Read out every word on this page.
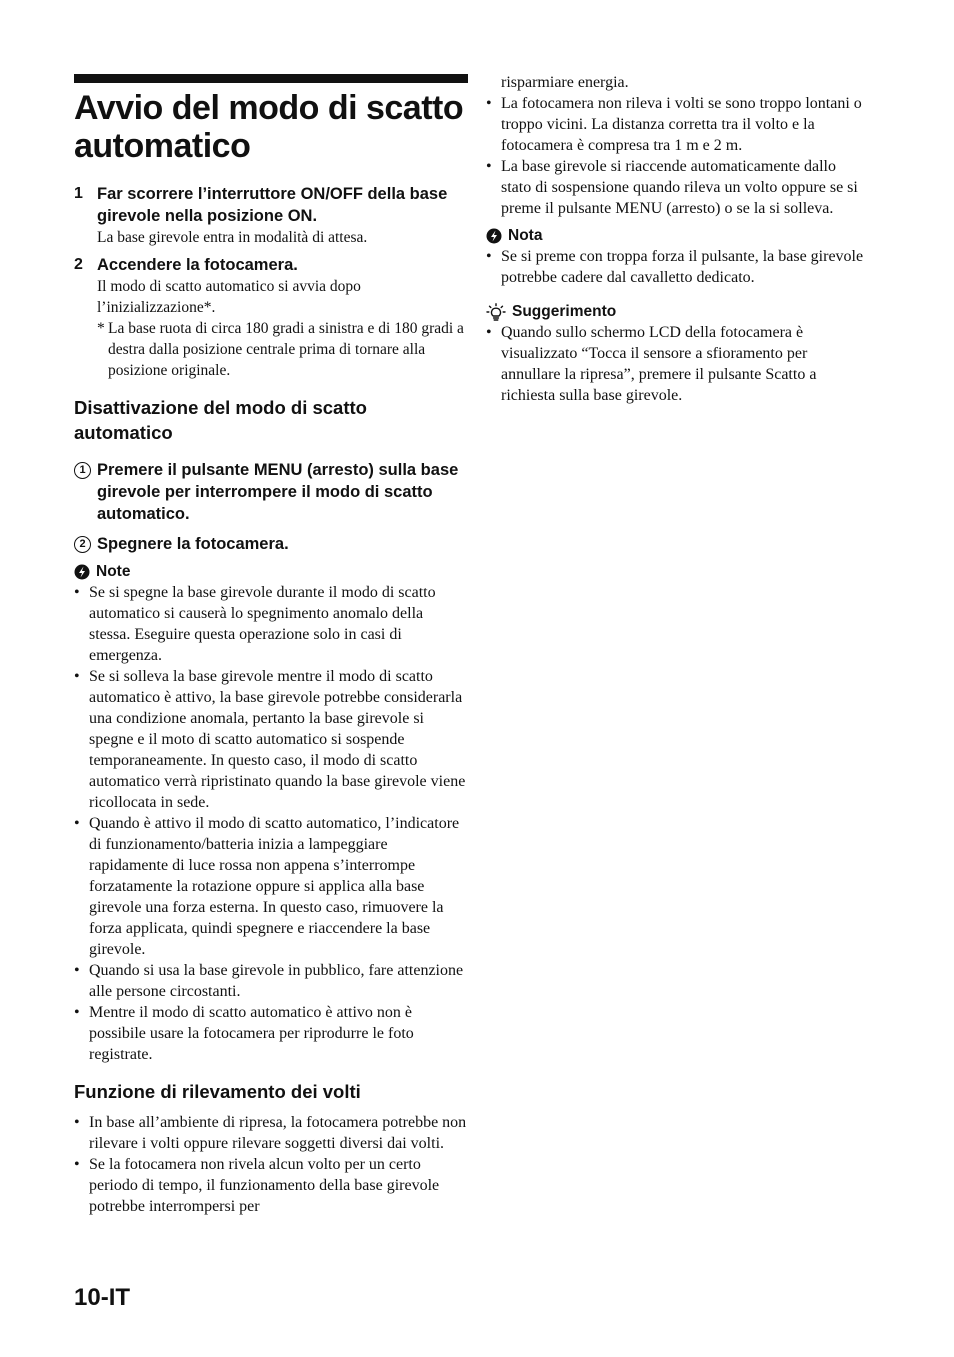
Avvio del modo di scatto automatico
1 Far scorrere l’interruttore ON/OFF della base girevole nella posizione ON.
La base girevole entra in modalità di attesa.
2 Accendere la fotocamera.
Il modo di scatto automatico si avvia dopo l’inizializzazione*.
* La base ruota di circa 180 gradi a sinistra e di 180 gradi a destra dalla posizione centrale prima di tornare alla posizione originale.
Disattivazione del modo di scatto automatico
1 Premere il pulsante MENU (arresto) sulla base girevole per interrompere il modo di scatto automatico.
2 Spegnere la fotocamera.
Note
• Se si spegne la base girevole durante il modo di scatto automatico si causerà lo spegnimento anomalo della stessa. Eseguire questa operazione solo in casi di emergenza.
• Se si solleva la base girevole mentre il modo di scatto automatico è attivo, la base girevole potrebbe considerarla una condizione anomala, pertanto la base girevole si spegne e il moto di scatto automatico si sospende temporaneamente. In questo caso, il modo di scatto automatico verrà ripristinato quando la base girevole viene ricollocata in sede.
• Quando è attivo il modo di scatto automatico, l’indicatore di funzionamento/batteria inizia a lampeggiare rapidamente di luce rossa non appena s’interrompe forzatamente la rotazione oppure si applica alla base girevole una forza esterna. In questo caso, rimuovere la forza applicata, quindi spegnere e riaccendere la base girevole.
• Quando si usa la base girevole in pubblico, fare attenzione alle persone circostanti.
• Mentre il modo di scatto automatico è attivo non è possibile usare la fotocamera per riprodurre le foto registrate.
Funzione di rilevamento dei volti
• In base all’ambiente di ripresa, la fotocamera potrebbe non rilevare i volti oppure rilevare soggetti diversi dai volti.
• Se la fotocamera non rivela alcun volto per un certo periodo di tempo, il funzionamento della base girevole potrebbe interrompersi per
risparmiare energia.
• La fotocamera non rileva i volti se sono troppo lontani o troppo vicini. La distanza corretta tra il volto e la fotocamera è compresa tra 1 m e 2 m.
• La base girevole si riaccende automaticamente dallo stato di sospensione quando rileva un volto oppure se si preme il pulsante MENU (arresto) o se la si solleva.
Nota
• Se si preme con troppa forza il pulsante, la base girevole potrebbe cadere dal cavalletto dedicato.
Suggerimento
• Quando sullo schermo LCD della fotocamera è visualizzato “Tocca il sensore a sfioramento per annullare la ripresa”, premere il pulsante Scatto a richiesta sulla base girevole.
10-IT
